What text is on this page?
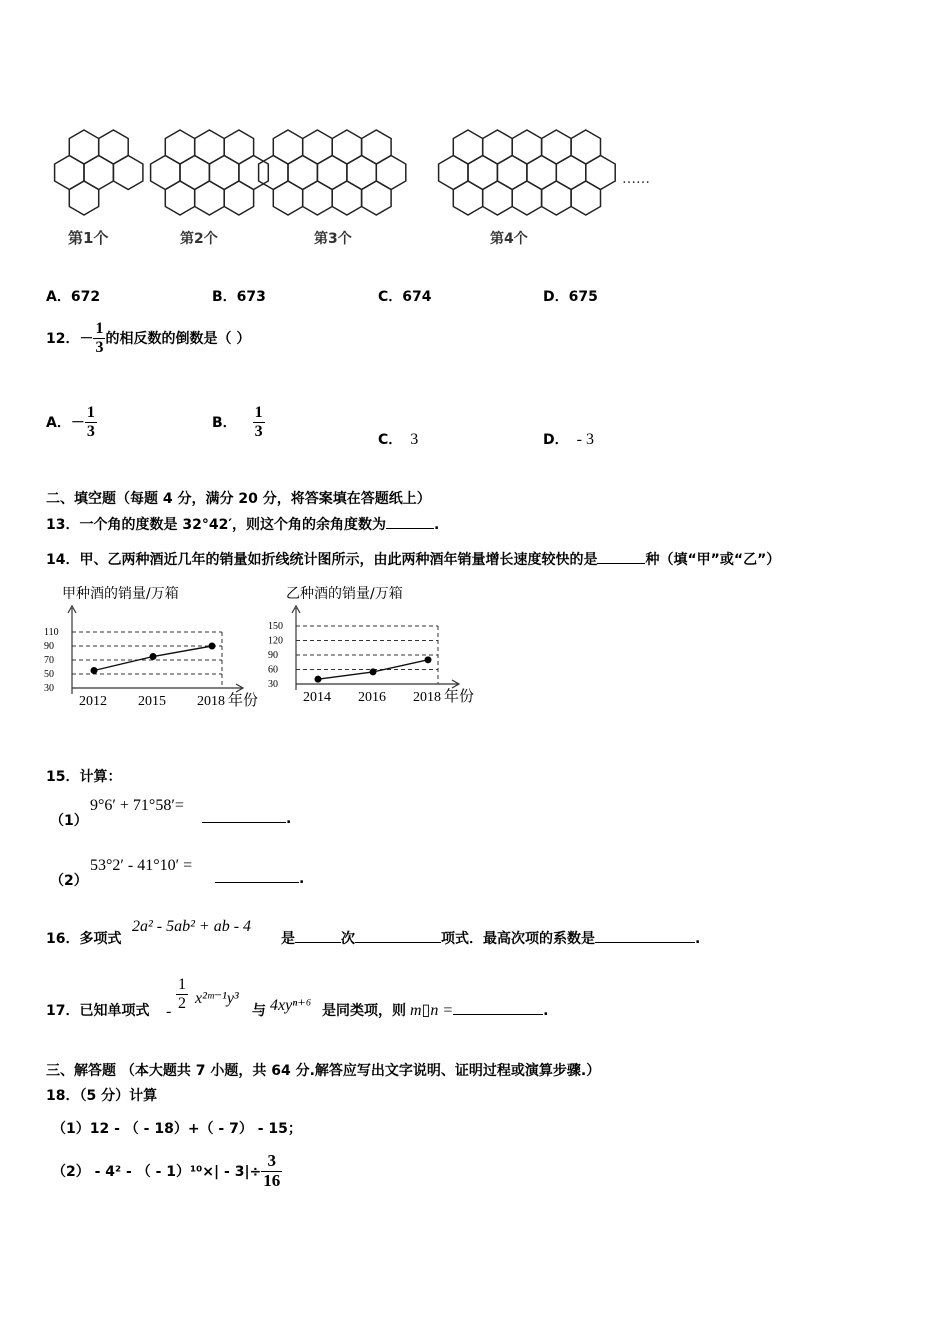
第1个	第2个	第3个	第4个
……
A．672	B．673	C．674	D．675
12． － $\frac{1}{3}$ 的相反数的倒数是（ ）
A． － $\frac{1}{3}$	B． $\frac{1}{3}$	C． 3	D． - 3
二、填空题（每题 4 分，满分 20 分，将答案填在答题纸上）
13．一个角的度数是 32°42′，则这个角的余角度数为	.
14．甲、乙两种酒近几年的销量如折线统计图所示，由此两种酒年销量增长速度较快的是	种（填“甲”或“乙”）
甲种酒的销量/万箱
110
90
70
50
30
2012 2015 2018 年份
乙种酒的销量/万箱
150
120
90
60
30
2014 2016 2018 年份
15．计算：
（1）
9°6′ + 71°58′=
.
（2）
53°2′ - 41°10′ =
.
16．多项式
2a² - 5ab² + ab - 4
是	次	项式．最高次项的系数是	.
17．已知单项式 - $\frac{1}{2}$ x²ᵐ⁻¹y³
与 4xyⁿ⁺⁶ 是同类项，则 m▯n =	.
三、解答题 （本大题共 7 小题，共 64 分.解答应写出文字说明、证明过程或演算步骤.）
18．（5 分）计算
（1）12 - （ - 18）+（ - 7） - 15；
（2） - 4² - （ - $1)^{10}\times| - 3|\div \frac{3}{16}$
